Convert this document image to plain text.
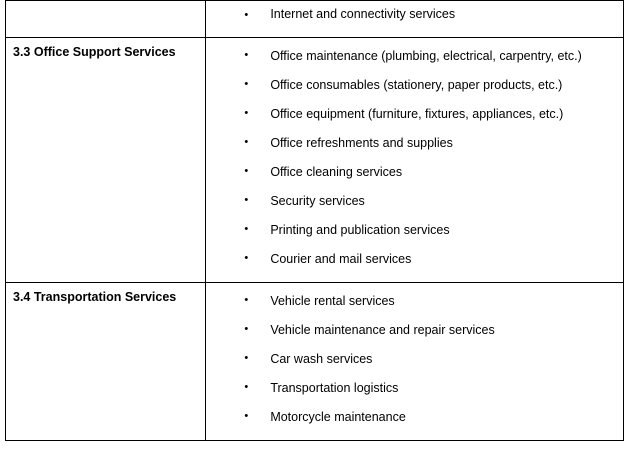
• Internet and connectivity services

3.3 Office Support Services	• Office maintenance (plumbing, electrical, carpentry, etc.)
• Office consumables (stationery, paper products, etc.)
• Office equipment (furniture, fixtures, appliances, etc.)
• Office refreshments and supplies
• Office cleaning services
• Security services
• Printing and publication services
• Courier and mail services

3.4 Transportation Services	• Vehicle rental services
• Vehicle maintenance and repair services
• Car wash services
• Transportation logistics
• Motorcycle maintenance
